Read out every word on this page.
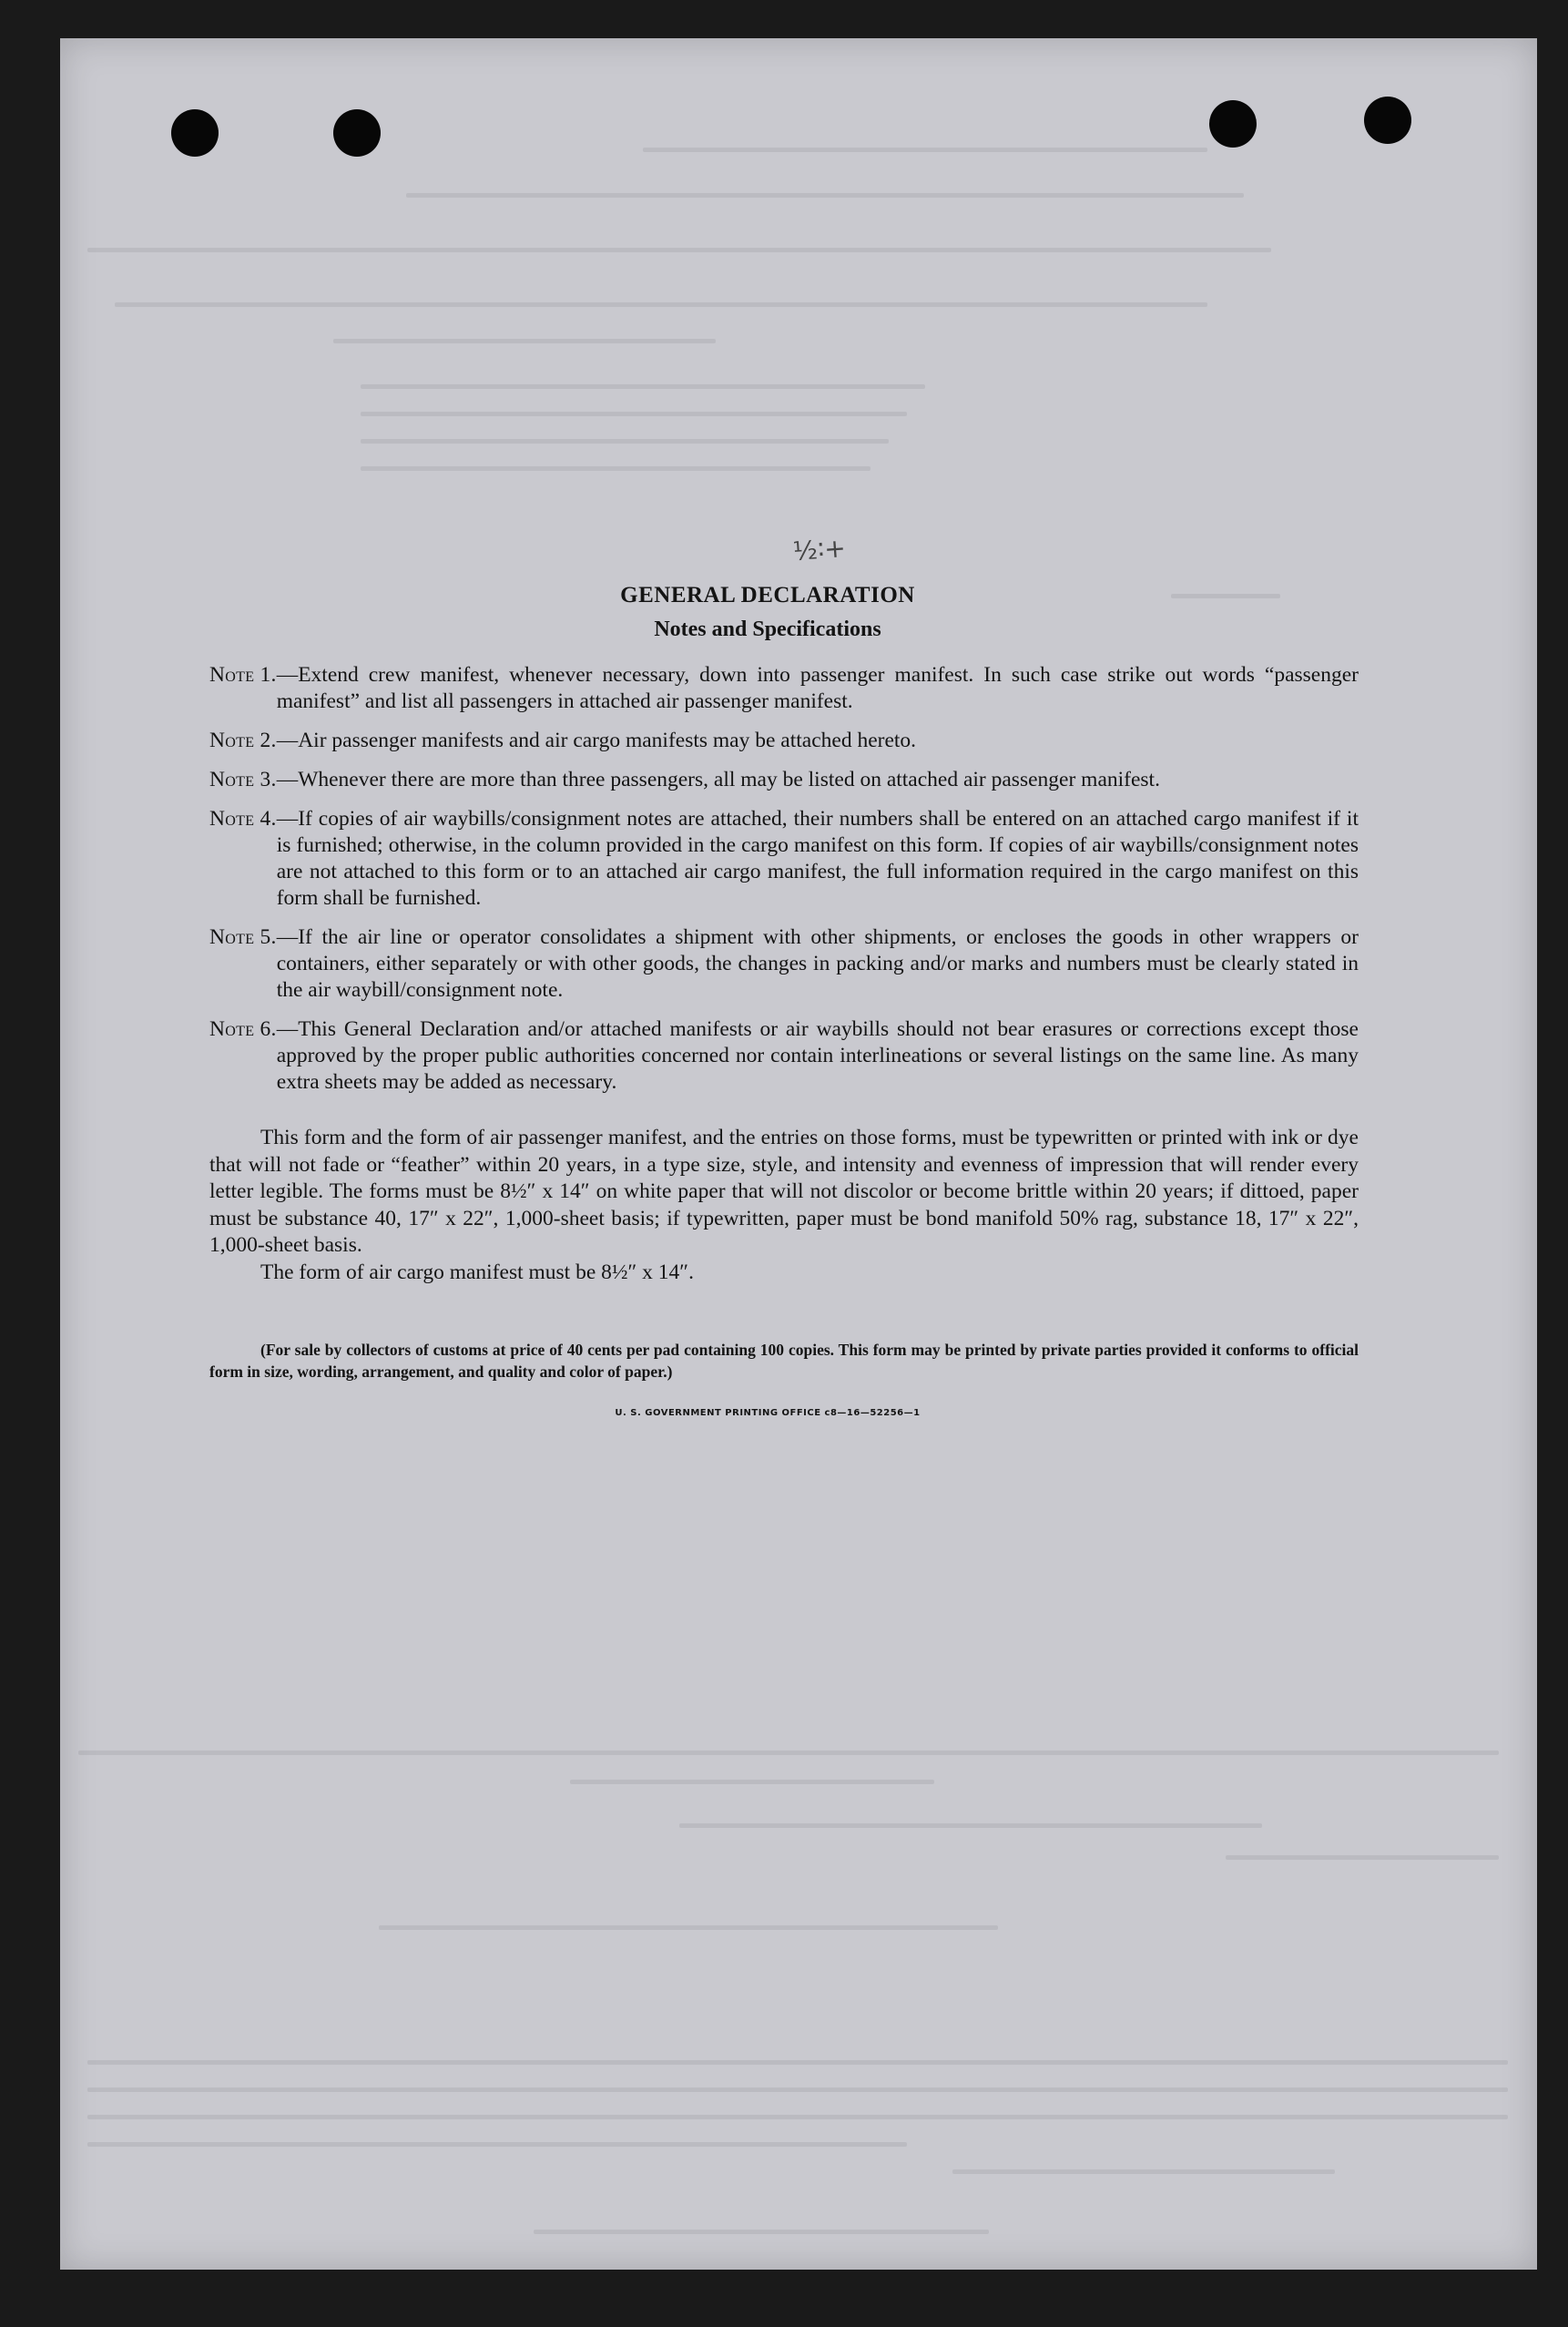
½∶+
GENERAL DECLARATION
Notes and Specifications
Note 1. —Extend crew manifest, whenever necessary, down into passenger manifest. In such case strike out words “passenger manifest” and list all passengers in attached air passenger manifest.
Note 2. —Air passenger manifests and air cargo manifests may be attached hereto.
Note 3. —Whenever there are more than three passengers, all may be listed on attached air passenger manifest.
Note 4. —If copies of air waybills/consignment notes are attached, their numbers shall be entered on an attached cargo manifest if it is furnished; otherwise, in the column provided in the cargo manifest on this form. If copies of air waybills/consignment notes are not attached to this form or to an attached air cargo manifest, the full information required in the cargo manifest on this form shall be furnished.
Note 5. —If the air line or operator consolidates a shipment with other shipments, or encloses the goods in other wrappers or containers, either separately or with other goods, the changes in packing and/or marks and numbers must be clearly stated in the air waybill/consignment note.
Note 6. —This General Declaration and/or attached manifests or air waybills should not bear erasures or corrections except those approved by the proper public authorities concerned nor contain interlineations or several listings on the same line. As many extra sheets may be added as necessary.
This form and the form of air passenger manifest, and the entries on those forms, must be typewritten or printed with ink or dye that will not fade or “feather” within 20 years, in a type size, style, and intensity and evenness of impression that will render every letter legible. The forms must be 8½″ x 14″ on white paper that will not discolor or become brittle within 20 years; if dittoed, paper must be substance 40, 17″ x 22″, 1,000-sheet basis; if typewritten, paper must be bond manifold 50% rag, substance 18, 17″ x 22″, 1,000-sheet basis.
The form of air cargo manifest must be 8½″ x 14″.
(For sale by collectors of customs at price of 40 cents per pad containing 100 copies. This form may be printed by private parties provided it conforms to official form in size, wording, arrangement, and quality and color of paper.)
U. S. GOVERNMENT PRINTING OFFICE c8—16—52256—1
